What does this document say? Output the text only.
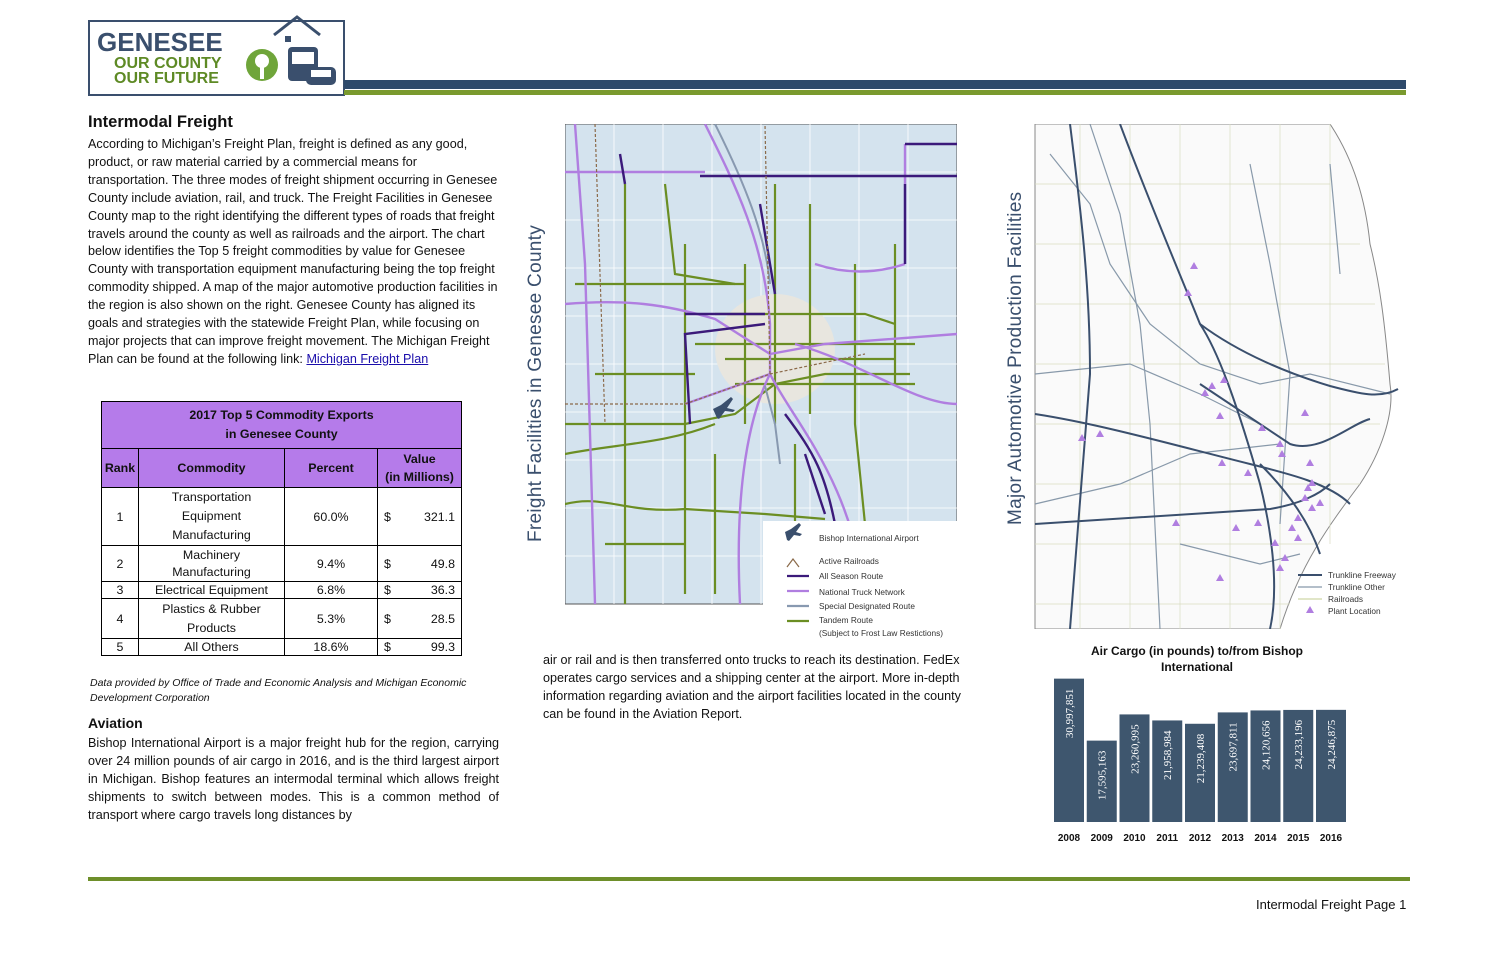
GENESEE
OUR COUNTY
OUR FUTURE
Intermodal Freight
According to Michigan’s Freight Plan, freight is defined as any good, product, or raw material carried by a commercial means for transportation. The three modes of freight shipment occurring in Genesee County include aviation, rail, and truck. The Freight Facilities in Genesee County map to the right identifying the different types of roads that freight travels around the county as well as railroads and the airport. The chart below identifies the Top 5 freight commodities by value for Genesee County with transportation equipment manufacturing being the top freight commodity shipped. A map of the major automotive production facilities in the region is also shown on the right. Genesee County has aligned its goals and strategies with the statewide Freight Plan, while focusing on major projects that can improve freight movement. The Michigan Freight Plan can be found at the following link: Michigan Freight Plan
2017 Top 5 Commodity Exports
in Genesee County			

Rank	Commodity	Percent	Value
(in Millions)

1	Transportation Equipment Manufacturing	60.0%	$ 321.1

2	Machinery Manufacturing	9.4%	$ 49.8

3	Electrical Equipment	6.8%	$ 36.3

4	Plastics & Rubber Products	5.3%	$ 28.5

5	All Others	18.6%	$ 99.3
Data provided by Office of Trade and Economic Analysis and Michigan Economic Development Corporation
Aviation
Bishop International Airport is a major freight hub for the region, carrying over 24 million pounds of air cargo in 2016, and is the third largest airport in Michigan. Bishop features an intermodal terminal which allows freight shipments to switch between modes. This is a common method of transport where cargo travels long distances by
air or rail and is then transferred onto trucks to reach its destination. FedEx operates cargo services and a shipping center at the airport. More in-depth information regarding aviation and the airport facilities located in the county can be found in the Aviation Report.
Freight Facilities in Genesee County	Bishop International Airport
Active Railroads
All Season Route
National Truck Network
Special Designated Route
Tandem Route
(Subject to Frost Law Restictions)
Major Automotive Production Facilities
Trunkline Freeway
Trunkline Other
Railroads
Plant Location
Air Cargo (in pounds) to/from Bishop
International
30,997,851
17,595,163
23,260,995 21,958,984 21,239,408 23,697,811 24,120,656 24,233,196 24,246,875
2008 2009 2010 2011 2012 2013 2014 2015 2016
Intermodal Freight Page 1
